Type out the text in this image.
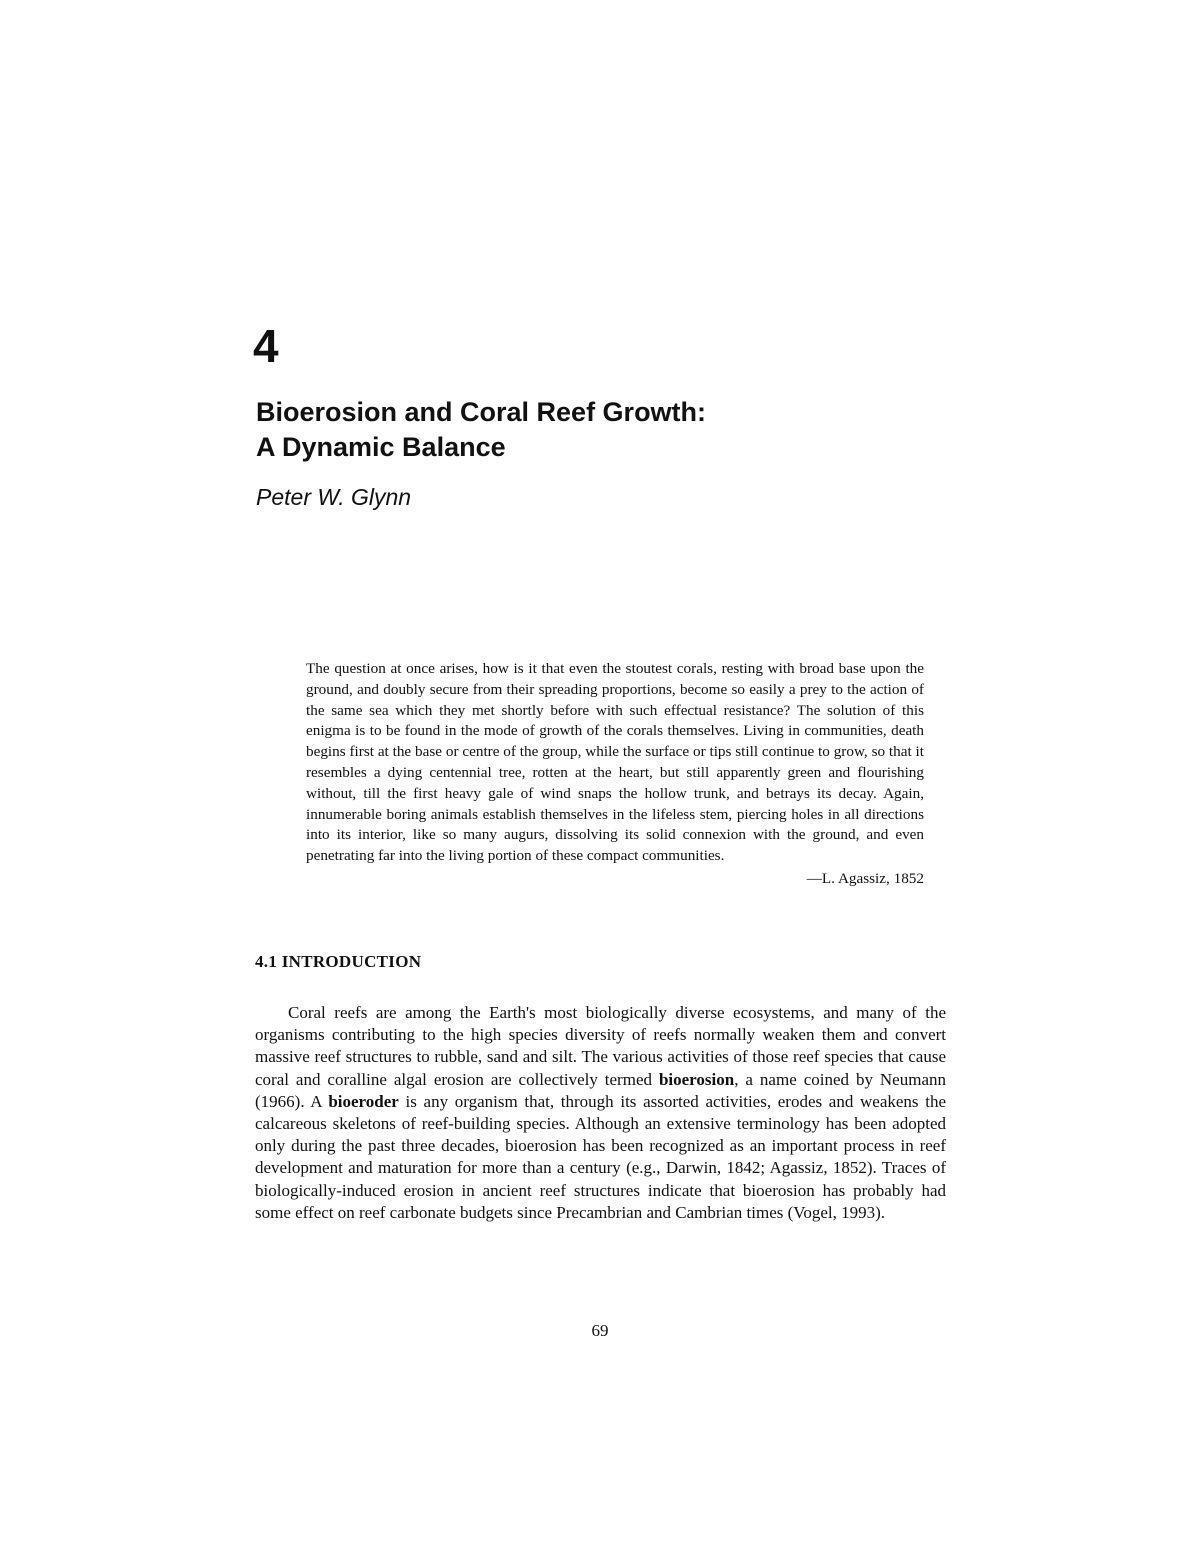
4
Bioerosion and Coral Reef Growth:
A Dynamic Balance

Peter W. Glynn

The question at once arises, how is it that even the stoutest corals, resting with broad base upon the ground, and doubly secure from their spreading proportions, become so easily a prey to the action of the same sea which they met shortly before with such effectual resistance? The solution of this enigma is to be found in the mode of growth of the corals themselves. Living in communities, death begins first at the base or centre of the group, while the surface or tips still continue to grow, so that it resembles a dying centennial tree, rotten at the heart, but still apparently green and flourishing without, till the first heavy gale of wind snaps the hollow trunk, and betrays its decay. Again, innumerable boring animals establish themselves in the lifeless stem, piercing holes in all directions into its interior, like so many augurs, dissolving its solid connexion with the ground, and even penetrating far into the living portion of these compact communities.

—L. Agassiz, 1852

4.1 INTRODUCTION

Coral reefs are among the Earth's most biologically diverse ecosystems, and many of the organisms contributing to the high species diversity of reefs normally weaken them and convert massive reef structures to rubble, sand and silt. The various activities of those reef species that cause coral and coralline algal erosion are collectively termed bioerosion, a name coined by Neumann (1966). A bioeroder is any organism that, through its assorted activities, erodes and weakens the calcareous skeletons of reef-building species. Although an extensive terminology has been adopted only during the past three decades, bioerosion has been recognized as an important process in reef development and maturation for more than a century (e.g., Darwin, 1842; Agassiz, 1852). Traces of biologically-induced erosion in ancient reef structures indicate that bioerosion has probably had some effect on reef carbonate budgets since Precambrian and Cambrian times (Vogel, 1993).

69
